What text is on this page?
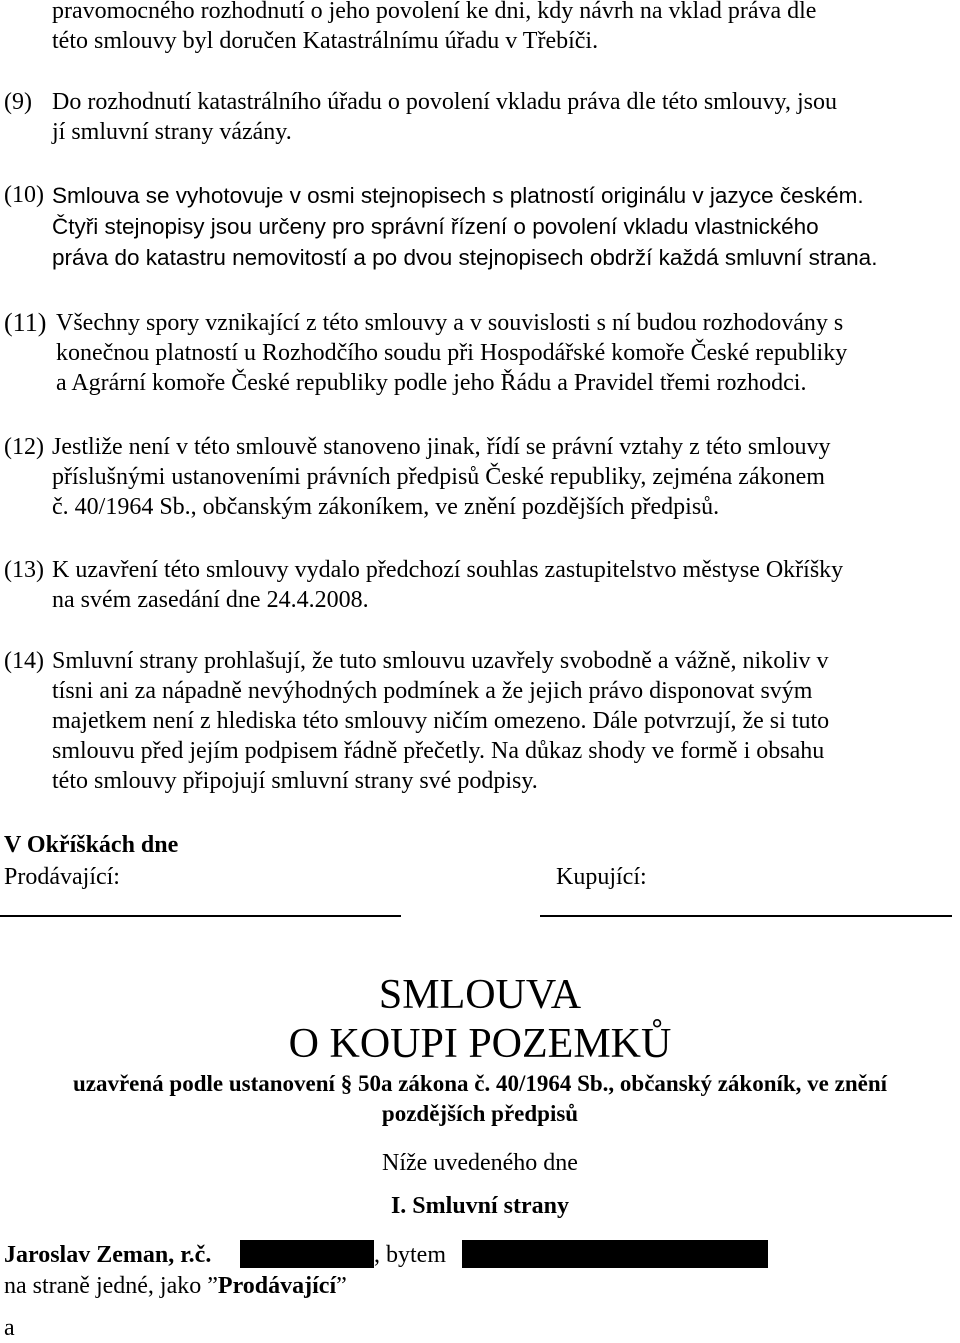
pravomocného rozhodnutí o jeho povolení ke dni, kdy návrh na vklad práva dle
této smlouvy byl doručen Katastrálnímu úřadu v Třebíči.
(9) Do rozhodnutí katastrálního úřadu o povolení vkladu práva dle této smlouvy, jsou
jí smluvní strany vázány.
(10) Smlouva se vyhotovuje v osmi stejnopisech s platností originálu v jazyce českém.
Čtyři stejnopisy jsou určeny pro správní řízení o povolení vkladu vlastnického
práva do katastru nemovitostí a po dvou stejnopisech obdrží každá smluvní strana.
(11) Všechny spory vznikající z této smlouvy a v souvislosti s ní budou rozhodovány s
konečnou platností u Rozhodčího soudu při Hospodářské komoře České republiky
a Agrární komoře České republiky podle jeho Řádu a Pravidel třemi rozhodci.
(12) Jestliže není v této smlouvě stanoveno jinak, řídí se právní vztahy z této smlouvy
příslušnými ustanoveními právních předpisů České republiky, zejména zákonem
č. 40/1964 Sb., občanským zákoníkem, ve znění pozdějších předpisů.
(13) K uzavření této smlouvy vydalo předchozí souhlas zastupitelstvo městyse Okříšky
na svém zasedání dne 24.4.2008.
(14) Smluvní strany prohlašují, že tuto smlouvu uzavřely svobodně a vážně, nikoliv v
tísni ani za nápadně nevýhodných podmínek a že jejich právo disponovat svým
majetkem není z hlediska této smlouvy ničím omezeno. Dále potvrzují, že si tuto
smlouvu před jejím podpisem řádně přečetly. Na důkaz shody ve formě i obsahu
této smlouvy připojují smluvní strany své podpisy.
V Okříškách dne
Prodávající:	Kupující:
SMLOUVA
O KOUPI POZEMKŮ
uzavřená podle ustanovení § 50a zákona č. 40/1964 Sb., občanský zákoník, ve znění
pozdějších předpisů
Níže uvedeného dne
I. Smluvní strany
Jaroslav Zeman, r.č.	, bytem
na straně jedné, jako ”Prodávající”
a
